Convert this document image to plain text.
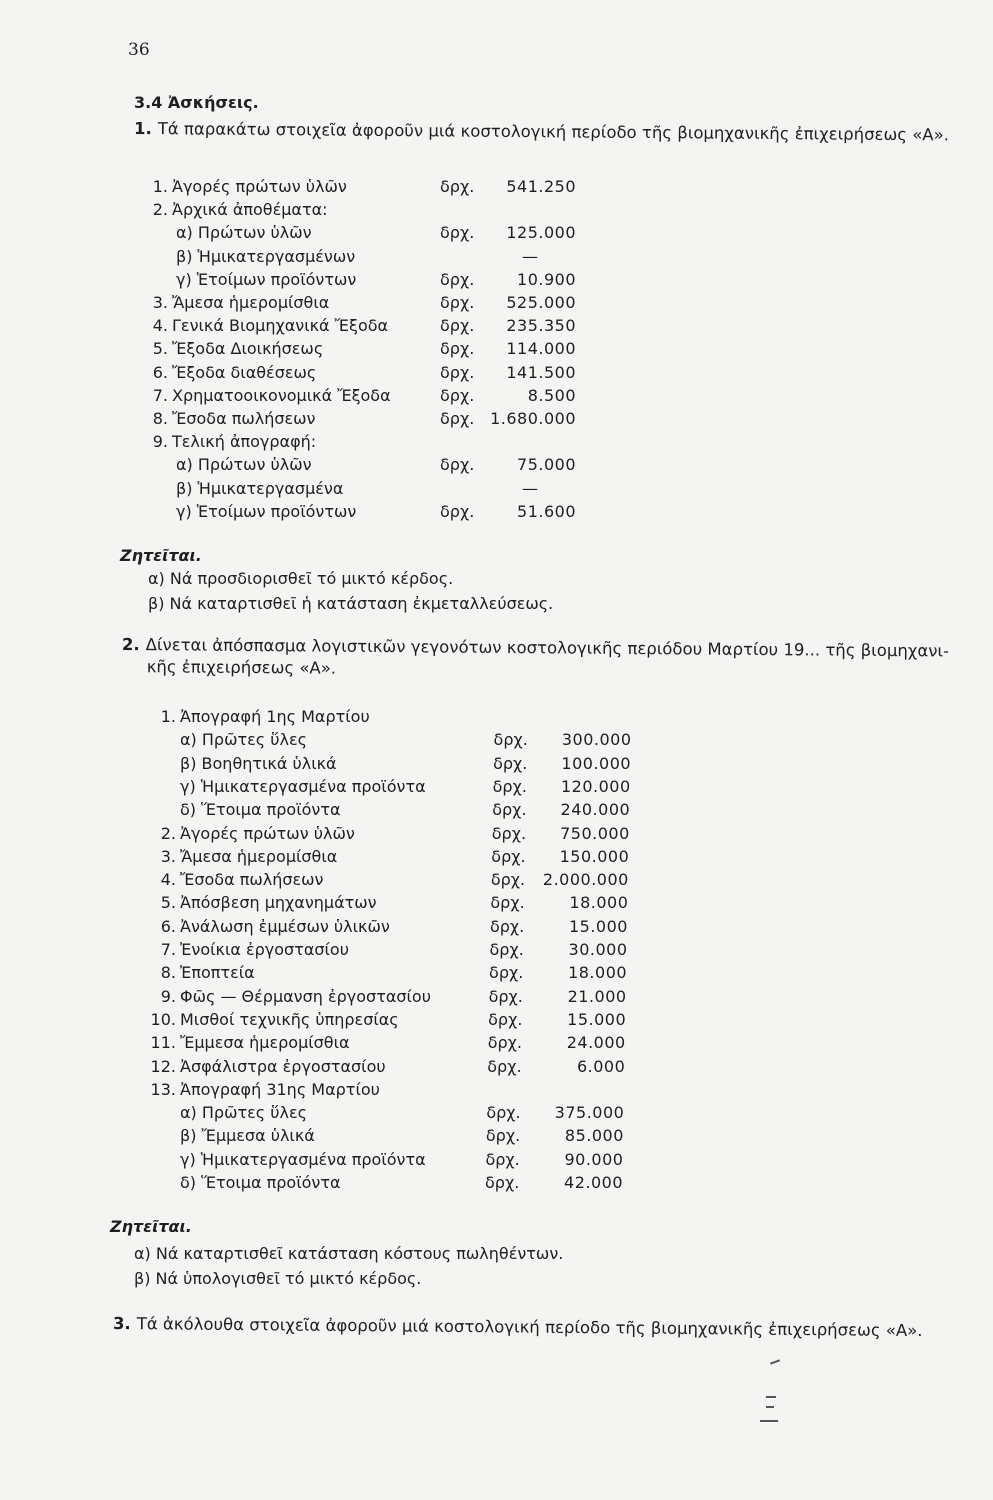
36
3.4 Ἀσκήσεις.
1. Τά παρακάτω στοιχεῖα ἀφοροῦν μιά κοστολογική περίοδο τῆς βιομηχανικῆς ἐπιχειρήσεως «Α».
1. Ἀγορές πρώτων ὑλῶν	δρχ.	541.250
2. Ἀρχικά ἀποθέματα:
α) Πρώτων ὑλῶν	δρχ.	125.000
β) Ἡμικατεργασμένων	—
γ) Ἑτοίμων προϊόντων	δρχ.	10.900
3. Ἄμεσα ἡμερομίσθια	δρχ.	525.000
4. Γενικά Βιομηχανικά Ἔξοδα	δρχ.	235.350
5. Ἔξοδα Διοικήσεως	δρχ.	114.000
6. Ἔξοδα διαθέσεως	δρχ.	141.500
7. Χρηματοοικονομικά Ἔξοδα	δρχ.	8.500
8. Ἔσοδα πωλήσεων	δρχ. 1.680.000
9. Τελική ἀπογραφή:
α) Πρώτων ὑλῶν	δρχ.	75.000
β) Ἡμικατεργασμένα	—
γ) Ἑτοίμων προϊόντων	δρχ.	51.600
Ζητεῖται.
α) Νά προσδιορισθεῖ τό μικτό κέρδος.
β) Νά καταρτισθεῖ ἡ κατάσταση ἐκμεταλλεύσεως.
2. Δίνεται ἀπόσπασμα λογιστικῶν γεγονότων κοστολογικῆς περιόδου Μαρτίου 19... τῆς βιομηχανι-
κῆς ἐπιχειρήσεως «Α».
1. Ἀπογραφή 1ης Μαρτίου
α) Πρῶτες ὕλες	δρχ.	300.000
β) Βοηθητικά ὑλικά	δρχ.	100.000
γ) Ἡμικατεργασμένα προϊόντα	δρχ.	120.000
δ) Ἕτοιμα προϊόντα	δρχ.	240.000
2. Ἀγορές πρώτων ὑλῶν	δρχ.	750.000
3. Ἄμεσα ἡμερομίσθια	δρχ.	150.000
4. Ἔσοδα πωλήσεων	δρχ.	2.000.000
5. Ἀπόσβεση μηχανημάτων	δρχ.	18.000
6. Ἀνάλωση ἐμμέσων ὑλικῶν	δρχ.	15.000
7. Ἐνοίκια ἐργοστασίου	δρχ.	30.000
8. Ἐποπτεία	δρχ.	18.000
9. Φῶς — Θέρμανση ἐργοστασίου	δρχ.	21.000
10. Μισθοί τεχνικῆς ὑπηρεσίας	δρχ.	15.000
11. Ἔμμεσα ἡμερομίσθια	δρχ.	24.000
12. Ἀσφάλιστρα ἐργοστασίου	δρχ.	6.000
13. Ἀπογραφή 31ης Μαρτίου
α) Πρῶτες ὕλες	δρχ.	375.000
β) Ἔμμεσα ὑλικά	δρχ.	85.000
γ) Ἡμικατεργασμένα προϊόντα	δρχ.	90.000
δ) Ἕτοιμα προϊόντα	δρχ.	42.000
Ζητεῖται.
α) Νά καταρτισθεῖ κατάσταση κόστους πωληθέντων.
β) Νά ὑπολογισθεῖ τό μικτό κέρδος.
3. Τά ἀκόλουθα στοιχεῖα ἀφοροῦν μιά κοστολογική περίοδο τῆς βιομηχανικῆς ἐπιχειρήσεως «Α».
